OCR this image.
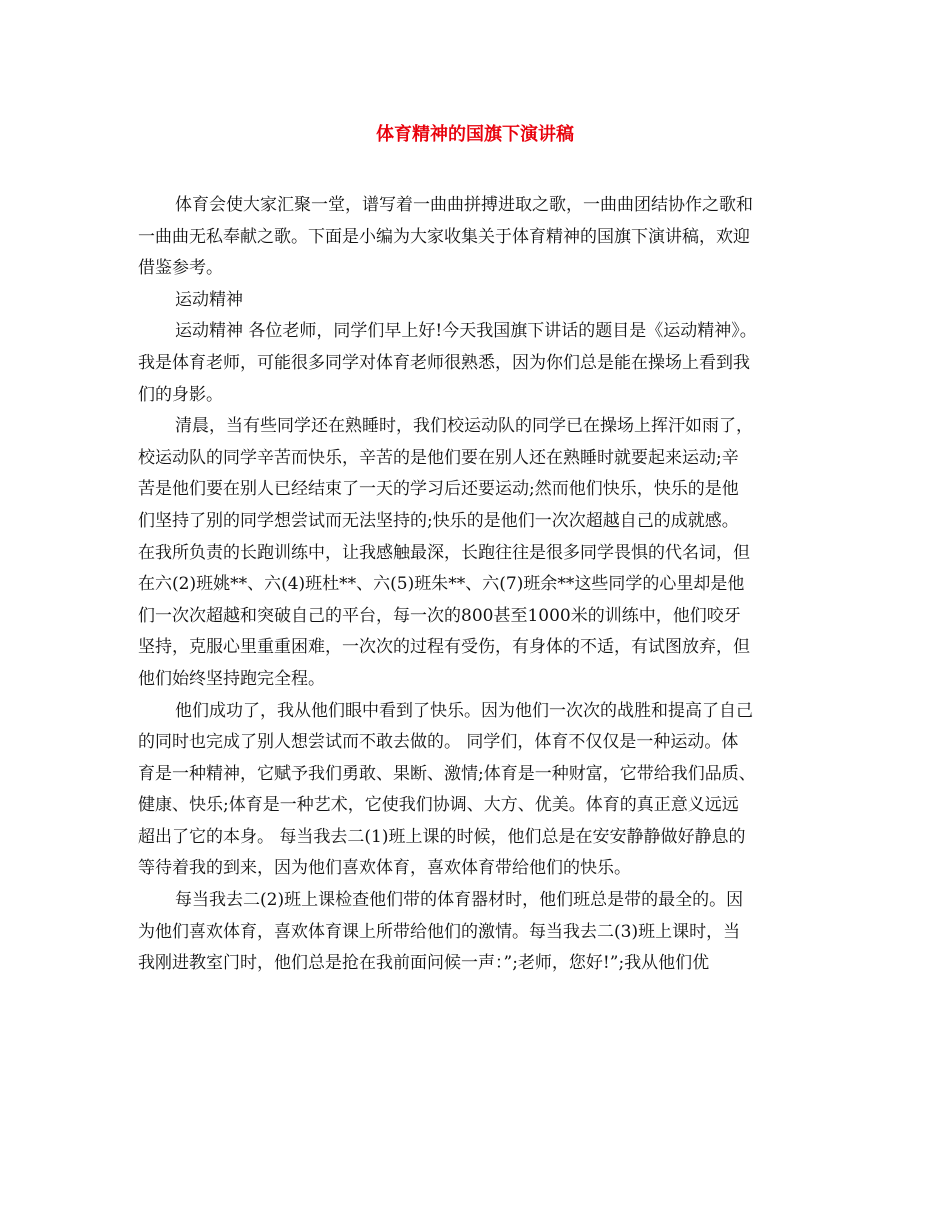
体育精神的国旗下演讲稿
体育会使大家汇聚一堂，谱写着一曲曲拼搏进取之歌，一曲曲团结协作之歌和
一曲曲无私奉献之歌。下面是小编为大家收集关于体育精神的国旗下演讲稿，欢迎
借鉴参考。
运动精神
运动精神 各位老师，同学们早上好!今天我国旗下讲话的题目是《运动精神》。
我是体育老师，可能很多同学对体育老师很熟悉，因为你们总是能在操场上看到我
们的身影。
清晨，当有些同学还在熟睡时，我们校运动队的同学已在操场上挥汗如雨了，
校运动队的同学辛苦而快乐，辛苦的是他们要在别人还在熟睡时就要起来运动;辛
苦是他们要在别人已经结束了一天的学习后还要运动;然而他们快乐，快乐的是他
们坚持了别的同学想尝试而无法坚持的;快乐的是他们一次次超越自己的成就感。
在我所负责的长跑训练中，让我感触最深，长跑往往是很多同学畏惧的代名词，但
在六(2)班姚**、六(4)班杜**、六(5)班朱**、六(7)班余**这些同学的心里却是他
们一次次超越和突破自己的平台，每一次的800甚至1000米的训练中，他们咬牙
坚持，克服心里重重困难，一次次的过程有受伤，有身体的不适，有试图放弃，但
他们始终坚持跑完全程。
他们成功了，我从他们眼中看到了快乐。因为他们一次次的战胜和提高了自己
的同时也完成了别人想尝试而不敢去做的。 同学们，体育不仅仅是一种运动。体
育是一种精神，它赋予我们勇敢、果断、激情;体育是一种财富，它带给我们品质、
健康、快乐;体育是一种艺术，它使我们协调、大方、优美。体育的真正意义远远
超出了它的本身。 每当我去二(1)班上课的时候，他们总是在安安静静做好静息的
等待着我的到来，因为他们喜欢体育，喜欢体育带给他们的快乐。
每当我去二(2)班上课检查他们带的体育器材时，他们班总是带的最全的。因
为他们喜欢体育，喜欢体育课上所带给他们的激情。每当我去二(3)班上课时，当
我刚进教室门时，他们总是抢在我前面问候一声：”;老师，您好!”;我从他们优
